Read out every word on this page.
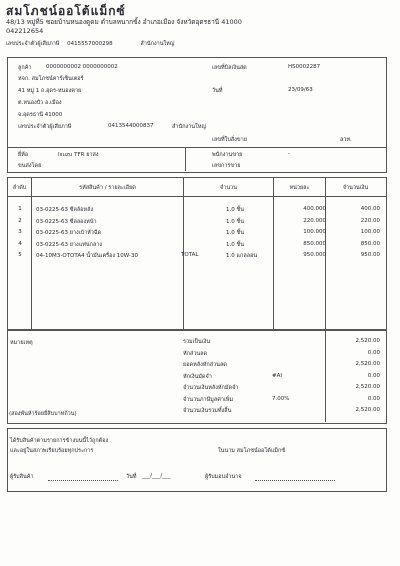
สมโภชน์ออโต้แม็กซ์
48/13 หมู่ที่5 ซอยบ้านหนองดูดม ตำบลหนากขั้ง อำเภอเมือง จังหวัดอุดรธานี 41000
042212654
เลขประจำตัวผู้เสียภาษี 0415557000298	สำนักงานใหญ่
ลูกค้า	0000000002 0000000002	เลขที่บิลเงินสด	HS0002287
หจก. สมโภชน์คาร์เซ็นเตอร์
41 หมู่ 1 ถ.อุดร-หนองคาย	วันที่	23/09/63
ต.หนองบัว อ.เมือง
จ.อุดรธานี 41000
เลขประจำตัวผู้เสียภาษี	0413544000837	สำนักงานใหญ่
เลขที่ใบสั่งขาย	ลวท.
ยี่ห้อ	Isuzu TFR ยาสง	พนักงานขาย	-
ขนส่งโดย	เลขการขาย
ลำดับ	รหัสสินค้า / รายละเอียด	จำนวน	หน่วยละ	จำนวนเงิน
1	03-0225-63 ซีลล้อหลัง	1.0 ชิ้น	400.000	400.00
2	03-0225-63 ซีลลองหน้า	1.0 ชิ้น	220.000	220.00
3	03-0225-63 ยางเบ้าหัวฉีด	1.0 ชิ้น	100.000	100.00
4	03-0225-63 ยางแท่นกลาง	1.0 ชิ้น	850.000	850.00
5	04-10M3-OTOTA4 น้ำมันเครื่อง 10W-30	TOTAL	1.0 แกลลอน	950.000	950.00
หมายเหตุ
(สองพันห้าร้อยยี่สิบบาทถ้วน)
รวมเป็นเงิน	2,520.00
หักส่วนลด	0.00
ยอดหลังหักส่วนลด	2,520.00
หักเงินมัดจำ	#AI	0.00
จำนวนเงินหลังหักมัดจำ	2,520.00
จำนวนภาษีมูลค่าเพิ่ม	7.00%	0.00
จำนวนเงินรวมทั้งสิ้น	2,520.00
ได้รับสินค้าตามรายการข้างบนนี้ไว้ถูกต้อง
และอยู่ในสภาพเรียบร้อยทุกประการ	ในนาม สมโภชน์ออโต้แม็กซ์
ผู้รับสินค้า	วันที่ ___/___/___	ผู้รับมอบอำนาจ
